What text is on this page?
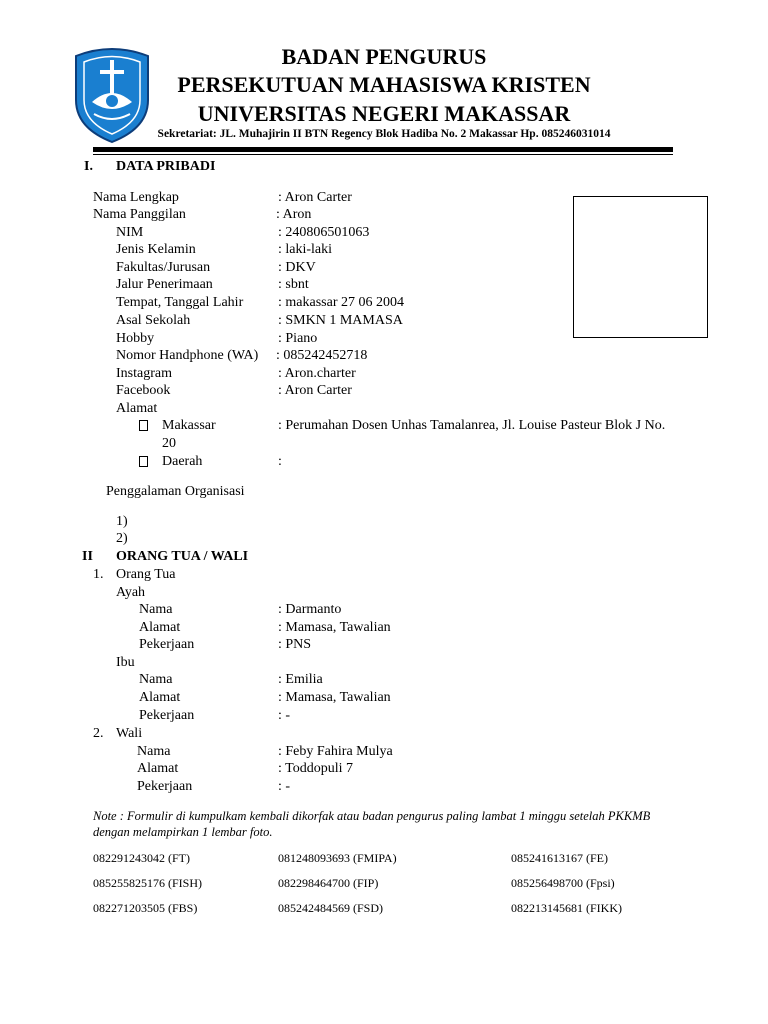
BADAN PENGURUS
PERSEKUTUAN MAHASISWA KRISTEN
UNIVERSITAS NEGERI MAKASSAR
Sekretariat: JL. Muhajirin II BTN Regency Blok Hadiba No. 2 Makassar Hp. 085246031014
I. DATA PRIBADI
Nama Lengkap	: Aron Carter
Nama Panggilan	: Aron
NIM	: 240806501063
Jenis Kelamin	: laki-laki
Fakultas/Jurusan	: DKV
Jalur Penerimaan	: sbnt
Tempat, Tanggal Lahir : makassar 27 06 2004
Asal Sekolah	: SMKN 1 MAMASA
Hobby	: Piano
Nomor Handphone (WA) : 085242452718
Instagram	: Aron.charter
Facebook	: Aron Carter
Alamat
Makassar	: Perumahan Dosen Unhas Tamalanrea, Jl. Louise Pasteur Blok J No.
20
Daerah	:
Penggalaman Organisasi
1)
2)
II ORANG TUA / WALI
1. Orang Tua
Ayah
Nama	: Darmanto
Alamat	: Mamasa, Tawalian
Pekerjaan	: PNS
Ibu
Nama	: Emilia
Alamat	: Mamasa, Tawalian
Pekerjaan	: -
2. Wali
Nama	: Feby Fahira Mulya
Alamat	: Toddopuli 7
Pekerjaan	: -
Note : Formulir di kumpulkam kembali dikorfak atau badan pengurus paling lambat 1 minggu setelah PKKMB dengan melampirkan 1 lembar foto.
082291243042 (FT)	081248093693 (FMIPA)	085241613167 (FE)
085255825176 (FISH)	082298464700 (FIP)	085256498700 (Fpsi)
082271203505 (FBS)	085242484569 (FSD)	082213145681 (FIKK)
